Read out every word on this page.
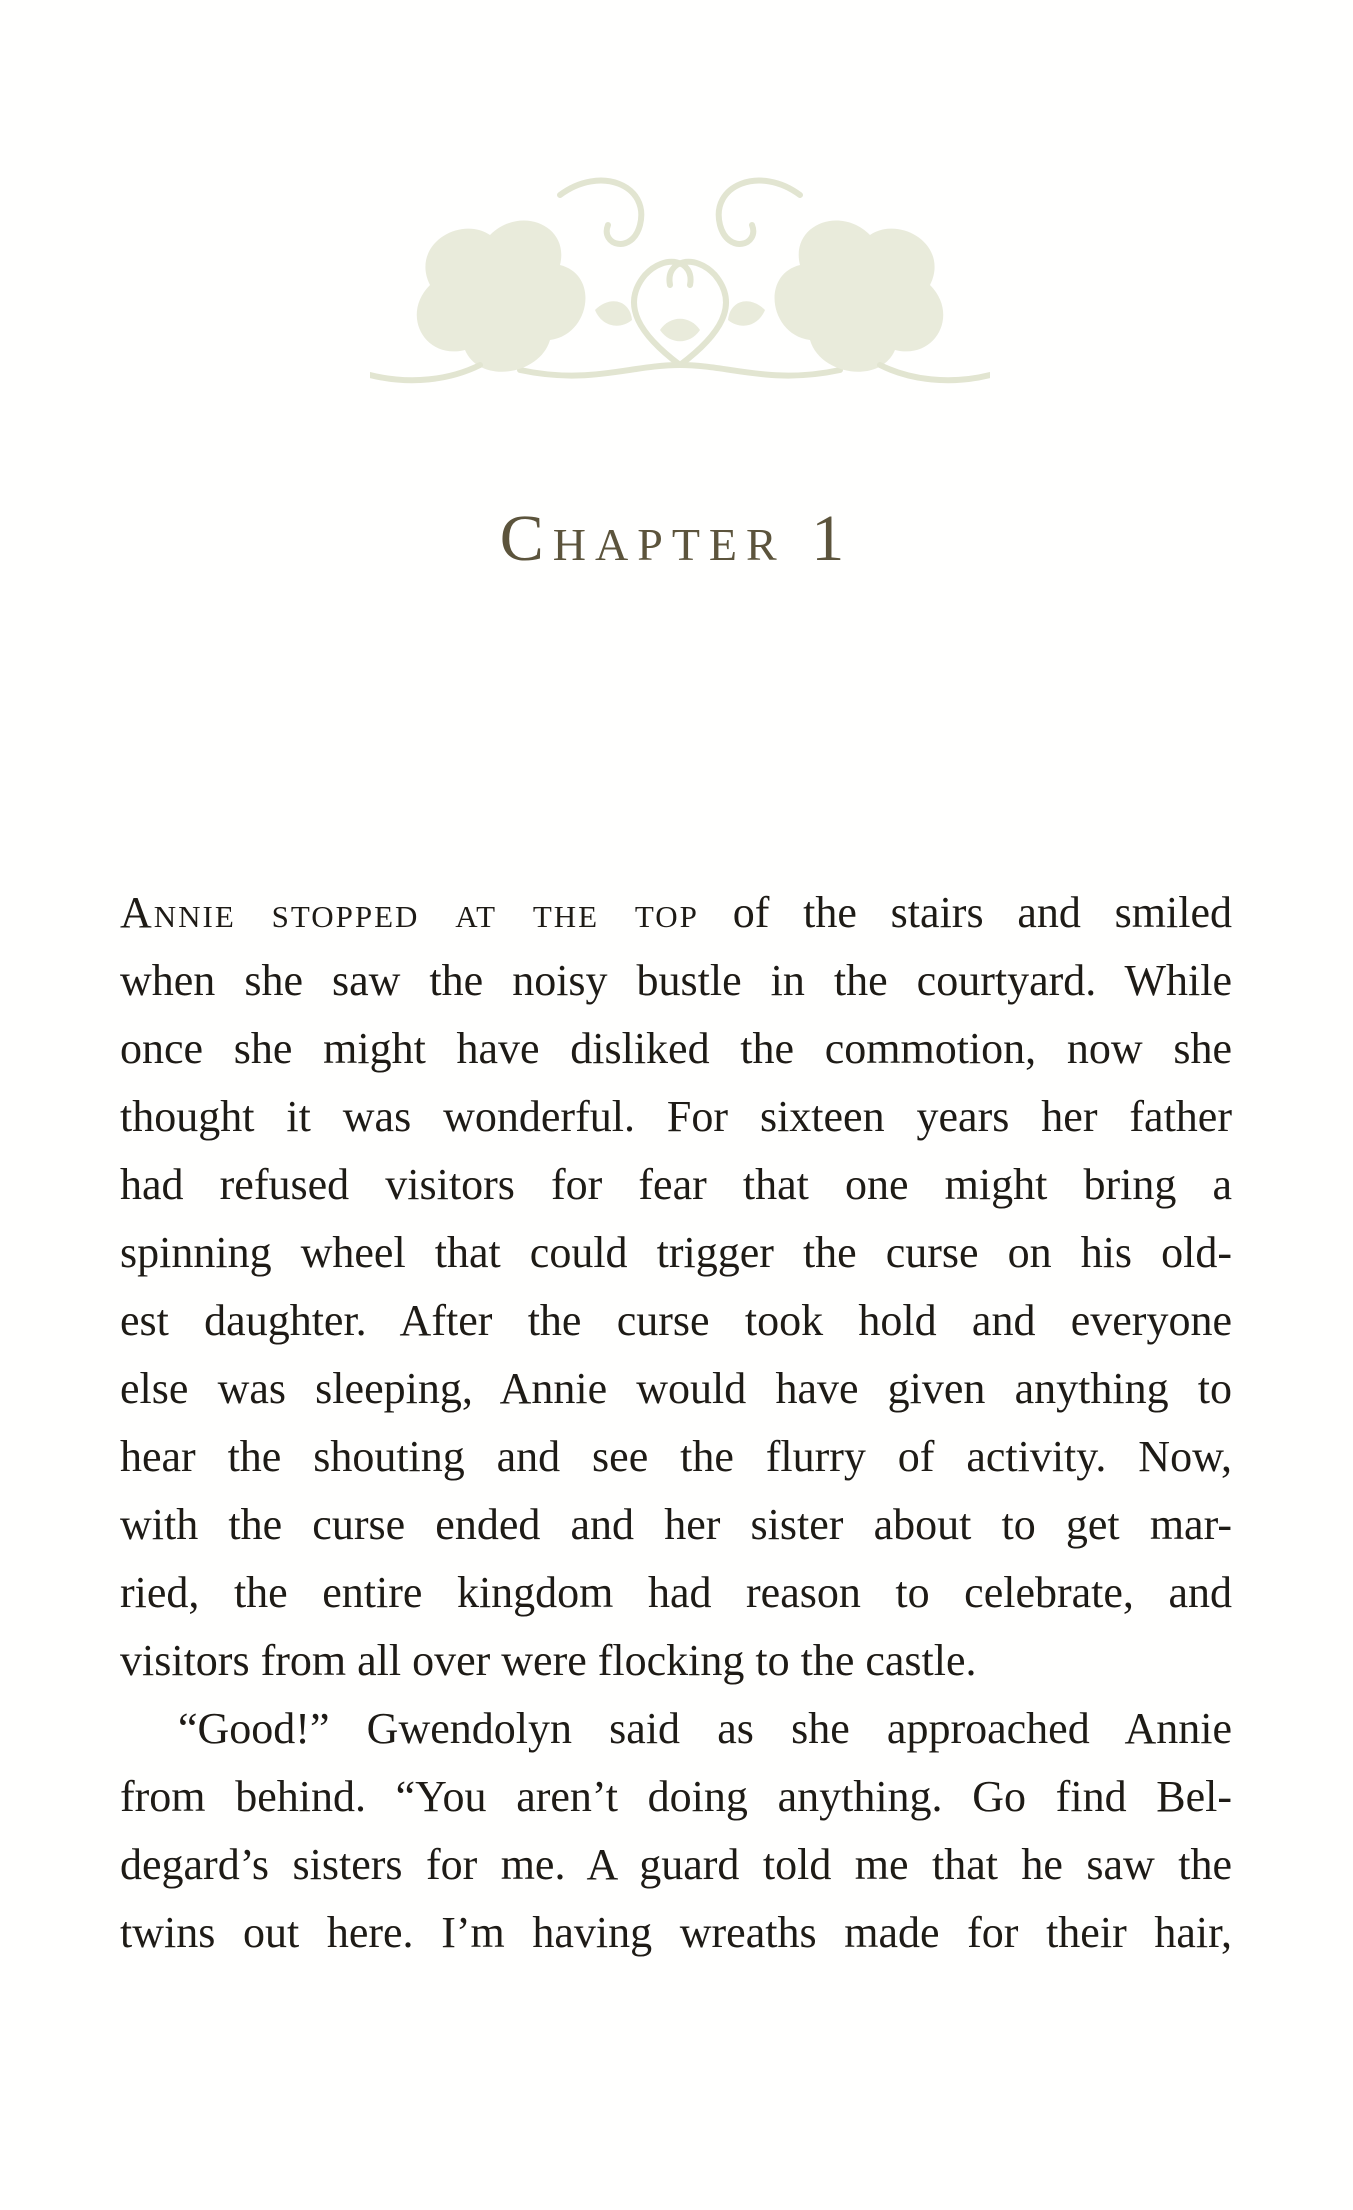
Chapter 1
Annie stopped at the top of the stairs and smiled
when she saw the noisy bustle in the courtyard. While
once she might have disliked the commotion, now she
thought it was wonderful. For sixteen years her father
had refused visitors for fear that one might bring a
spinning wheel that could trigger the curse on his old-
est daughter. After the curse took hold and everyone
else was sleeping, Annie would have given anything to
hear the shouting and see the flurry of activity. Now,
with the curse ended and her sister about to get mar-
ried, the entire kingdom had reason to celebrate, and
visitors from all over were flocking to the castle.
“Good!” Gwendolyn said as she approached Annie
from behind. “You aren’t doing anything. Go find Bel-
degard’s sisters for me. A guard told me that he saw the
twins out here. I’m having wreaths made for their hair,
